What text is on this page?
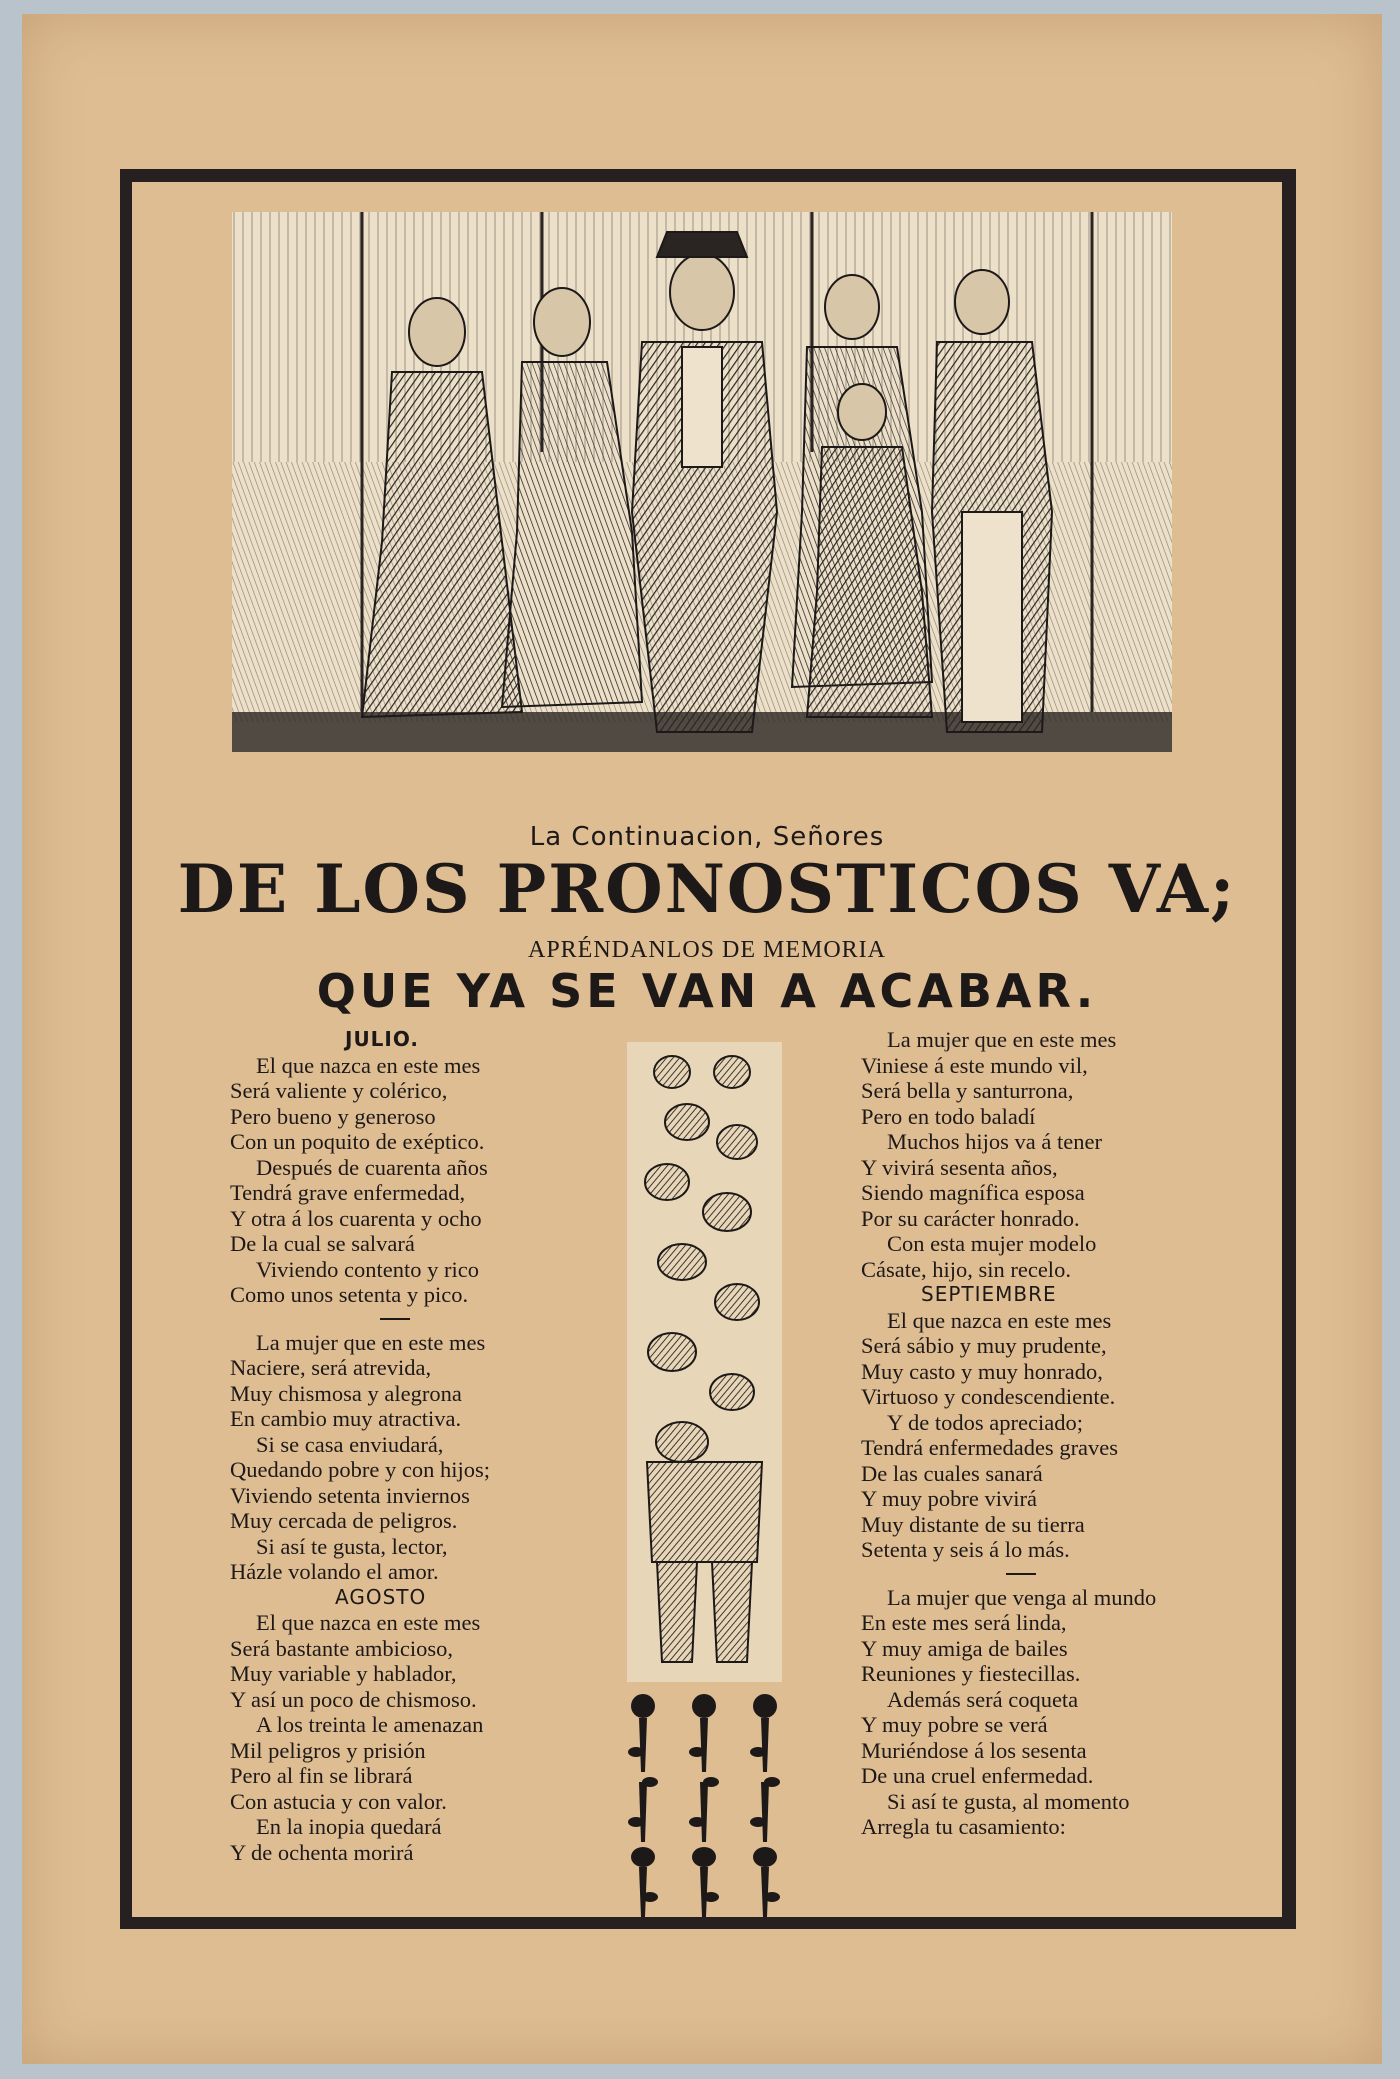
La Continuacion, Señores

DE LOS PRONOSTICOS VA;

APRÉNDANLOS DE MEMORIA

QUE YA SE VAN A ACABAR.
JULIO.
El que nazca en este mes
Será valiente y colérico,
Pero bueno y generoso
Con un poquito de exéptico.
Después de cuarenta años
Tendrá grave enfermedad,
Y otra á los cuarenta y ocho
De la cual se salvará
Viviendo contento y rico
Como unos setenta y pico.
La mujer que en este mes
Naciere, será atrevida,
Muy chismosa y alegrona
En cambio muy atractiva.
Si se casa enviudará,
Quedando pobre y con hijos;
Viviendo setenta inviernos
Muy cercada de peligros.
Si así te gusta, lector,
Házle volando el amor.
AGOSTO
El que nazca en este mes
Será bastante ambicioso,
Muy variable y hablador,
Y así un poco de chismoso.
A los treinta le amenazan
Mil peligros y prisión
Pero al fin se librará
Con astucia y con valor.
En la inopia quedará
Y de ochenta morirá
La mujer que en este mes
Viniese á este mundo vil,
Será bella y santurrona,
Pero en todo baladí
Muchos hijos va á tener
Y vivirá sesenta años,
Siendo magnífica esposa
Por su carácter honrado.
Con esta mujer modelo
Cásate, hijo, sin recelo.
SEPTIEMBRE
El que nazca en este mes
Será sábio y muy prudente,
Muy casto y muy honrado,
Virtuoso y condescendiente.
Y de todos apreciado;
Tendrá enfermedades graves
De las cuales sanará
Y muy pobre vivirá
Muy distante de su tierra
Setenta y seis á lo más.
La mujer que venga al mundo
En este mes será linda,
Y muy amiga de bailes
Reuniones y fiestecillas.
Además será coqueta
Y muy pobre se verá
Muriéndose á los sesenta
De una cruel enfermedad.
Si así te gusta, al momento
Arregla tu casamiento:
